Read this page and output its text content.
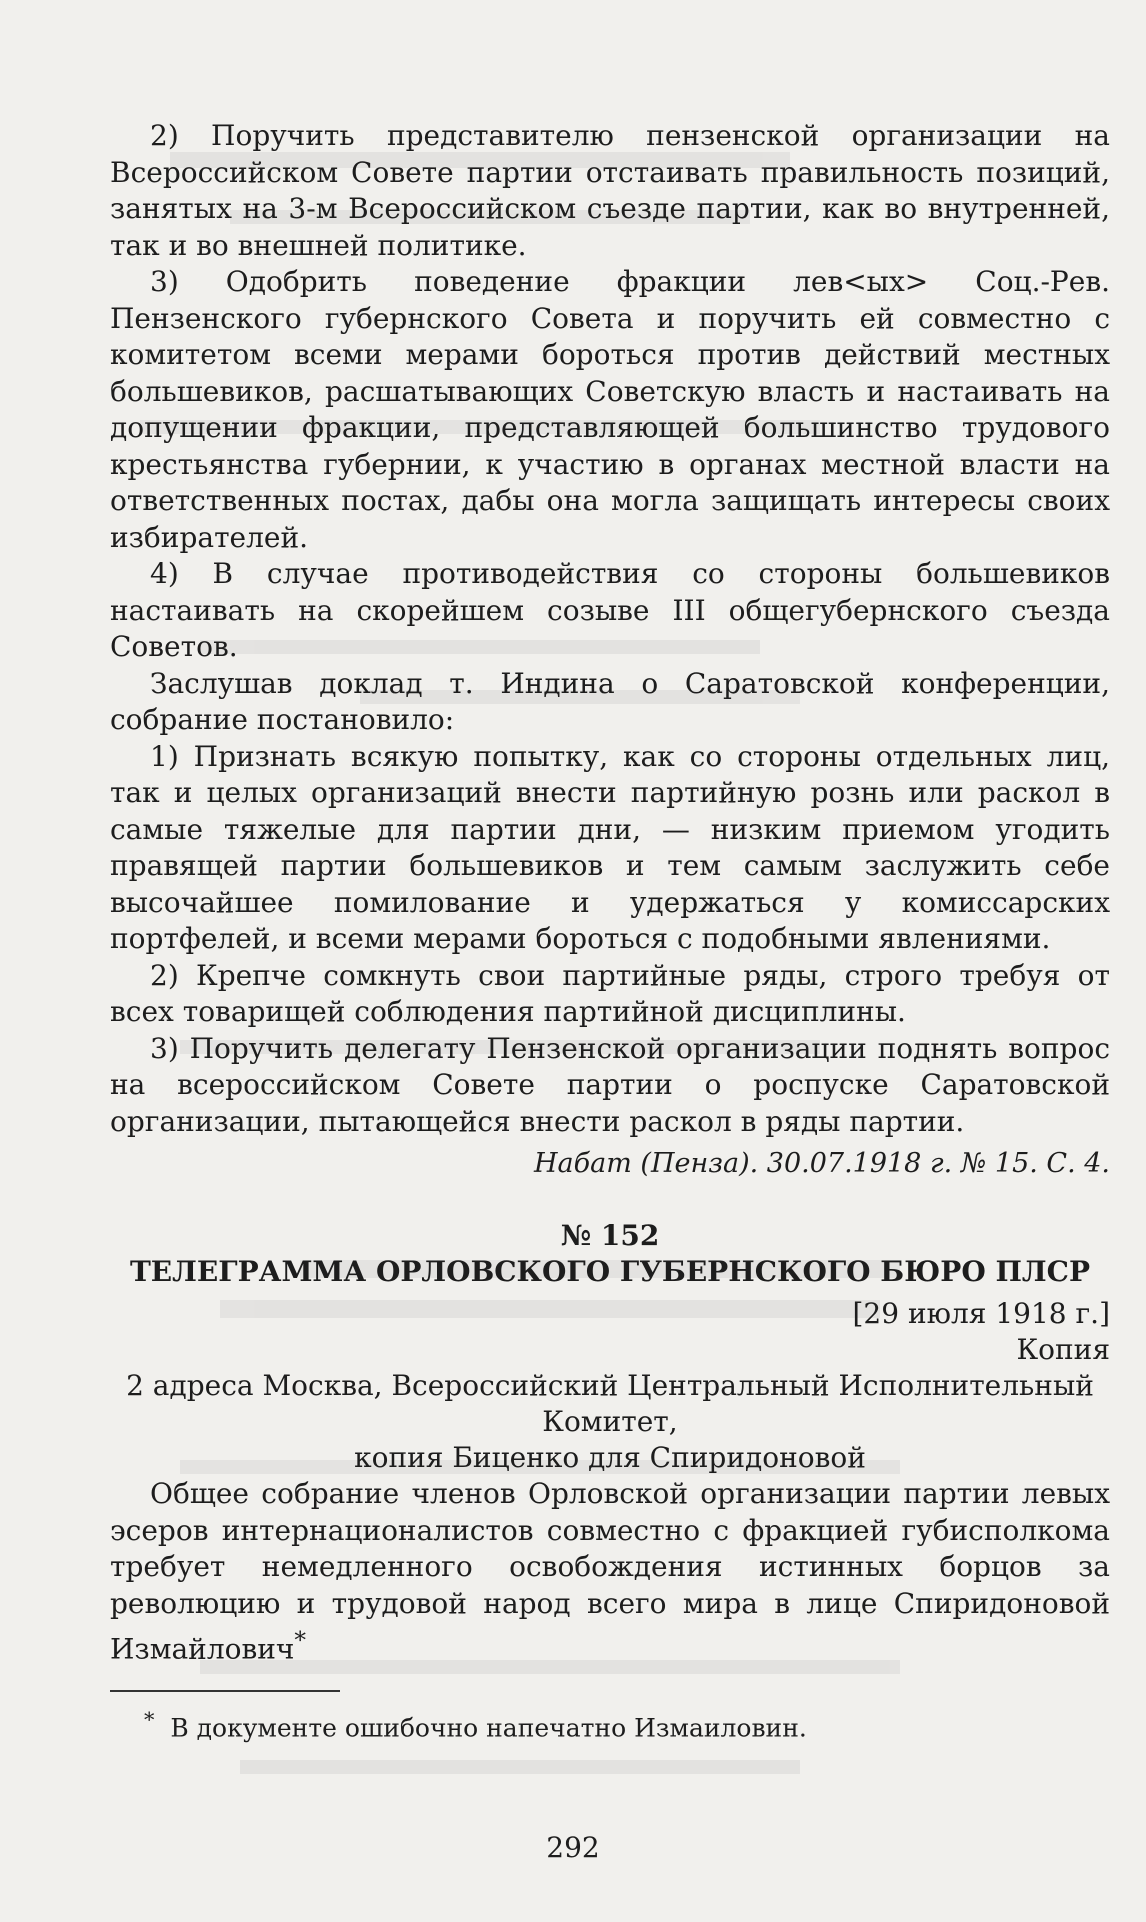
2) Поручить представителю пензенской организации на Всероссийском Совете партии отстаивать правильность позиций, занятых на 3-м Всероссийском съезде партии, как во внутренней, так и во внешней политике.

3) Одобрить поведение фракции лев<ых> Соц.-Рев. Пензенского губернского Совета и поручить ей совместно с комитетом всеми мерами бороться против действий местных большевиков, расшатывающих Советскую власть и настаивать на допущении фракции, представляющей большинство трудового крестьянства губернии, к участию в органах местной власти на ответственных постах, дабы она могла защищать интересы своих избирателей.

4) В случае противодействия со стороны большевиков настаивать на скорейшем созыве III общегубернского съезда Советов.

Заслушав доклад т. Индина о Саратовской конференции, собрание постановило:

1) Признать всякую попытку, как со стороны отдельных лиц, так и целых организаций внести партийную рознь или раскол в самые тяжелые для партии дни, — низким приемом угодить правящей партии большевиков и тем самым заслужить себе высочайшее помилование и удержаться у комиссарских портфелей, и всеми мерами бороться с подобными явлениями.

2) Крепче сомкнуть свои партийные ряды, строго требуя от всех товарищей соблюдения партийной дисциплины.

3) Поручить делегату Пензенской организации поднять вопрос на всероссийском Совете партии о роспуске Саратовской организации, пытающейся внести раскол в ряды партии.

Набат (Пенза). 30.07.1918 г. № 15. С. 4.

№ 152

ТЕЛЕГРАММА ОРЛОВСКОГО ГУБЕРНСКОГО БЮРО ПЛСР

[29 июля 1918 г.]

Копия

2 адреса Москва, Всероссийский Центральный Исполнительный

Комитет,

копия Биценко для Спиридоновой

Общее собрание членов Орловской организации партии левых эсеров интернационалистов совместно с фракцией губисполкома требует немедленного освобождения истинных борцов за революцию и трудовой народ всего мира в лице Спиридоновой Измайлович*

* В документе ошибочно напечатно Измаиловин.

292
